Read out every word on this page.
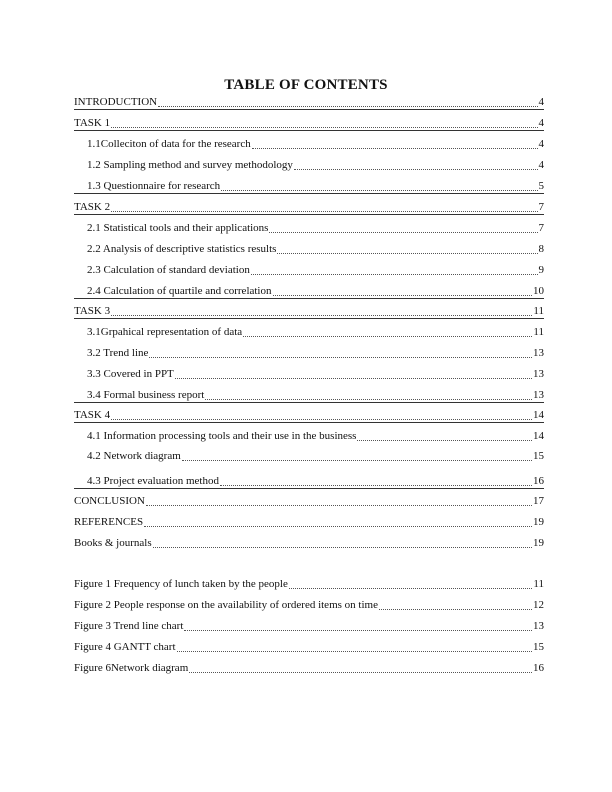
TABLE OF CONTENTS
INTRODUCTION	4
TASK 1	4
1.1Colleciton of data for the research	4
1.2 Sampling method and survey methodology	4
1.3 Questionnaire for research	5
TASK 2	7
2.1 Statistical tools and their applications	7
2.2 Analysis of descriptive statistics results	8
2.3 Calculation of standard deviation	9
2.4 Calculation of quartile and correlation	10
TASK 3	11
3.1Grpahical representation of data	11
3.2 Trend line	13
3.3 Covered in PPT	13
3.4 Formal business report	13
TASK 4	14
4.1 Information processing tools and their use in the business	14
4.2 Network diagram	15
4.3 Project evaluation method	16
CONCLUSION	17
REFERENCES	19
Books & journals	19
Figure 1 Frequency of lunch taken by the people	11
Figure 2 People response on the availability of ordered items on time	12
Figure 3 Trend line chart	13
Figure 4 GANTT chart	15
Figure 6Network diagram	16
